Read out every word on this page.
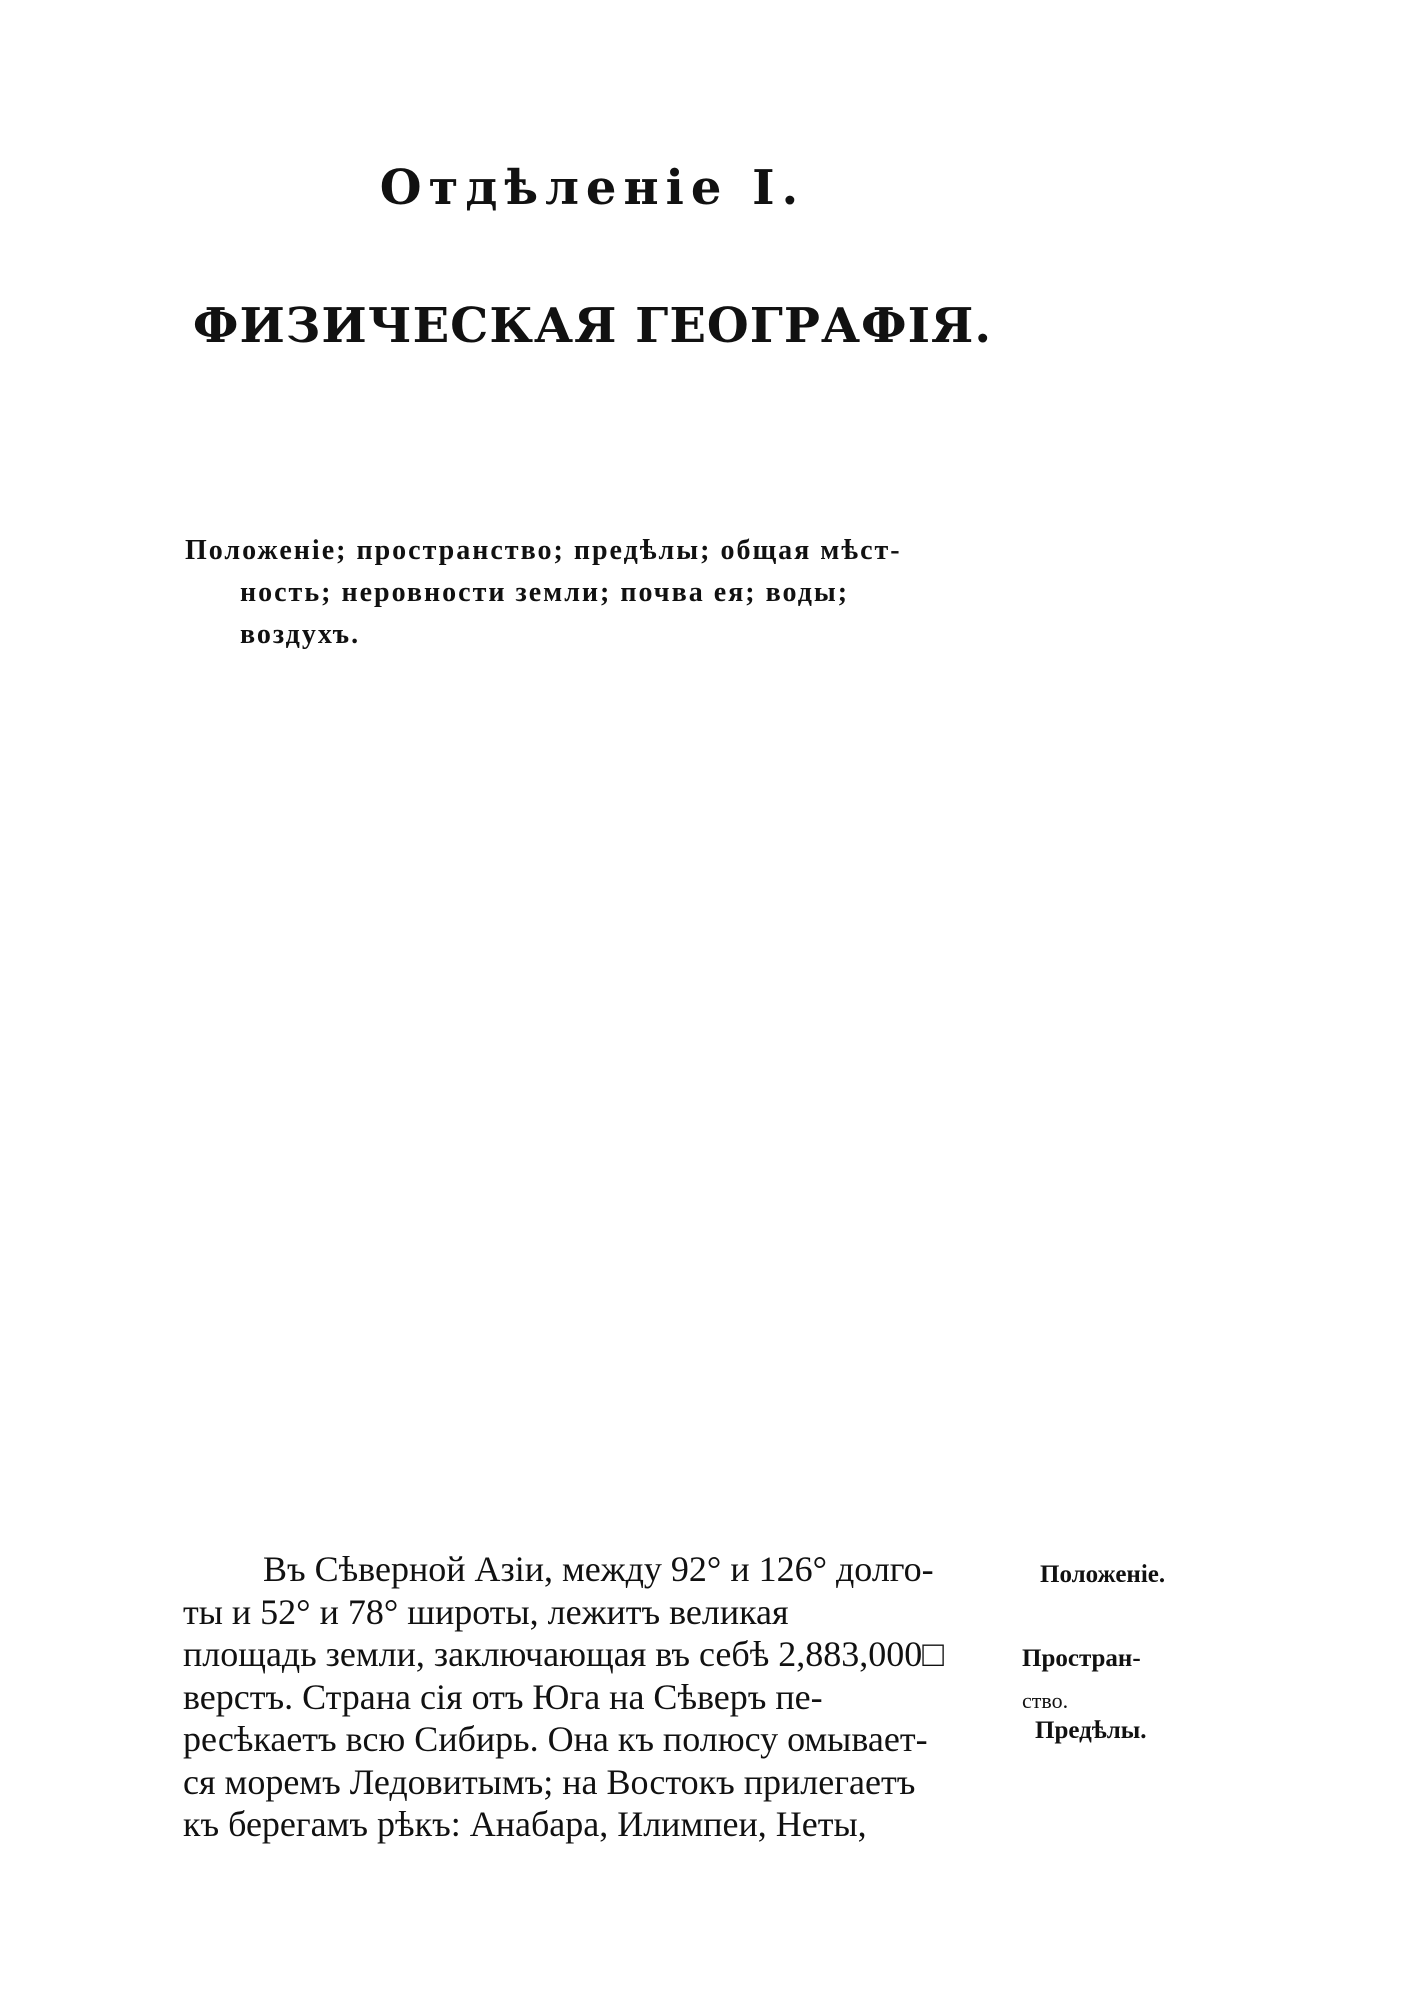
Отдѣленіе I.
ФИЗИЧЕСКАЯ ГЕОГРАФІЯ.
Положеніе; пространство; предѣлы; общая мѣст-
ность; неровности земли; почва ея; воды;
воздухъ.
Въ Сѣверной Азіи, между 92° и 126° долго-
ты и 52° и 78° широты, лежитъ великая
площадь земли, заключающая въ себѣ 2,883,000□
верстъ. Страна сія отъ Юга на Сѣверъ пе-
ресѣкаетъ всю Сибирь. Она къ полюсу омывает-
ся моремъ Ледовитымъ; на Востокъ прилегаетъ
къ берегамъ рѣкъ: Анабара, Илимпеи, Неты,
Положеніе.
Простран-
ство.
Предѣлы.
